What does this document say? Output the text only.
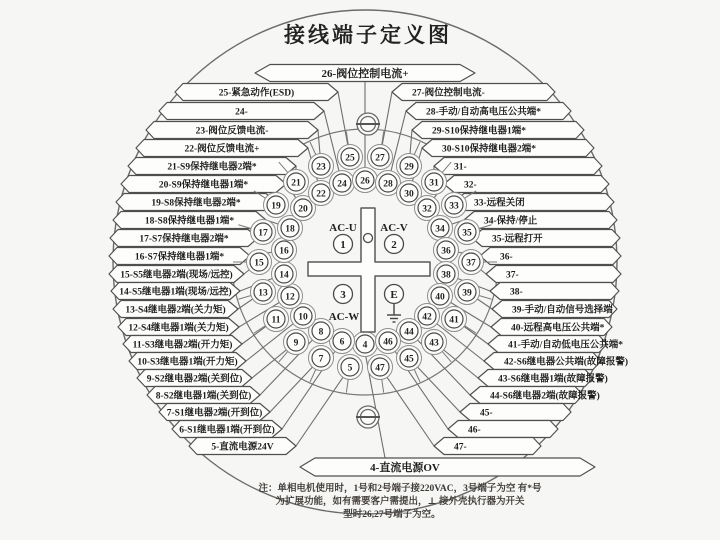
25-紧急动作(ESD)
24-
23-阀位反馈电流-
22-阀位反馈电流+
21-S9保持继电器2端*
20-S9保持继电器1端*
19-S8保持继电器2端*
18-S8保持继电器1端*
17-S7保持继电器2端*
16-S7保持继电器1端*
15-S5继电器2端(现场/远控)
14-S5继电器1端(现场/远控)
13-S4继电器2端(关力矩)
12-S4继电器1端(关力矩)
11-S3继电器2端(开力矩)
10-S3继电器1端(开力矩)
9-S2继电器2端(关到位)
8-S2继电器1端(关到位)
7-S1继电器2端(开到位)
6-S1继电器1端(开到位)
5-直流电源24V
27-阀位控制电流-
28-手动/自动高电压公共端*
29-S10保持继电器1端*
30-S10保持继电器2端*
31-
32-
33-远程关闭
34-保持/停止
35-远程打开
36-
37-
38-
39-手动/自动信号选择端
40-远程高电压公共端*
41-手动/自动低电压公共端*
42-S6继电器公共端(故障报警)
43-S6继电器1端(故障报警)
44-S6继电器2端(故障报警)
45-
46-
47-
26-阀位控制电流+
4-直流电源OV
4
5
6
7
8
9
10
11
12
13
14
15
16
17 18
19 20
21
22
23
24
25
26
27
28
29
30
31
32 33
34 35
36
37
38
39
40
41
42
43
44
45
46
47
AC-U AC-V
AC-W
1	2
3	E
接线端子定义图
注：单相电机使用时，1号和2号端子接220VAC，3号端子为空 有*号
为扩展功能，如有需要客户需提出，⊥ 接外壳执行器为开关
型时26,27号端子为空。
